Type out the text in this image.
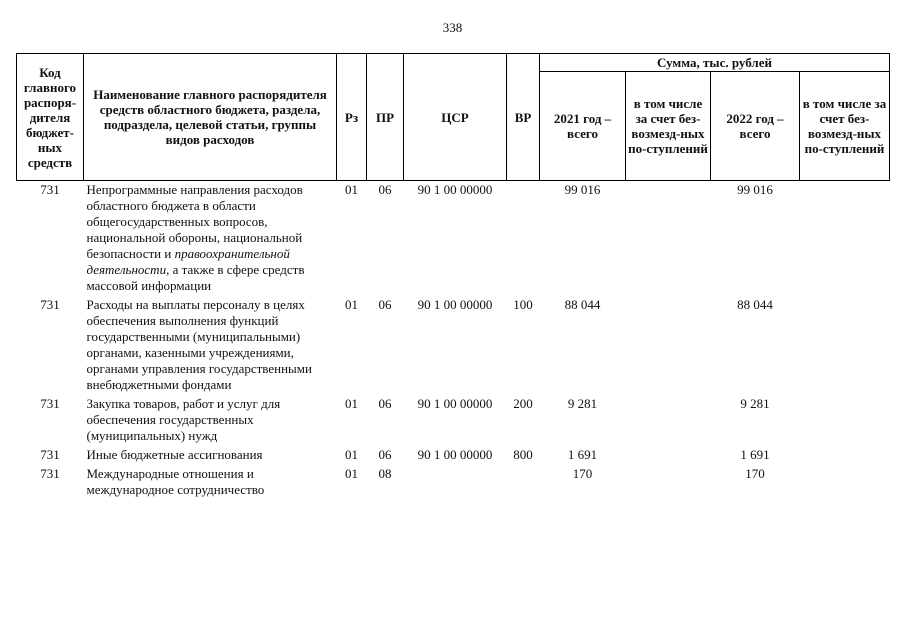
338
Код главного распоря-дителя бюджет-ных средств	Наименование главного распорядителя средств областного бюджета, раздела, подраздела, целевой статьи, группы видов расходов	Рз	ПР	ЦСР	ВР	Сумма, тыс. рублей			
						2021 год – всего	в том числе за счет без-возмезд-ных по-ступлений	2022 год – всего	в том числе за счет без-возмезд-ных по-ступлений
731	Непрограммные направления расходов областного бюджета в области общегосударственных вопросов, национальной обороны, национальной безопасности и правоохранительной деятельности, а также в сфере средств массовой информации	01	06	90 1 00 00000		99 016		99 016	
731	Расходы на выплаты персоналу в целях обеспечения выполнения функций государственными (муниципальными) органами, казенными учреждениями, органами управления государственными внебюджетными фондами	01	06	90 1 00 00000	100	88 044		88 044	
731	Закупка товаров, работ и услуг для обеспечения государственных (муниципальных) нужд	01	06	90 1 00 00000	200	9 281		9 281	
731	Иные бюджетные ассигнования	01	06	90 1 00 00000	800	1 691		1 691	
731	Международные отношения и международное сотрудничество	01	08			170		170	
